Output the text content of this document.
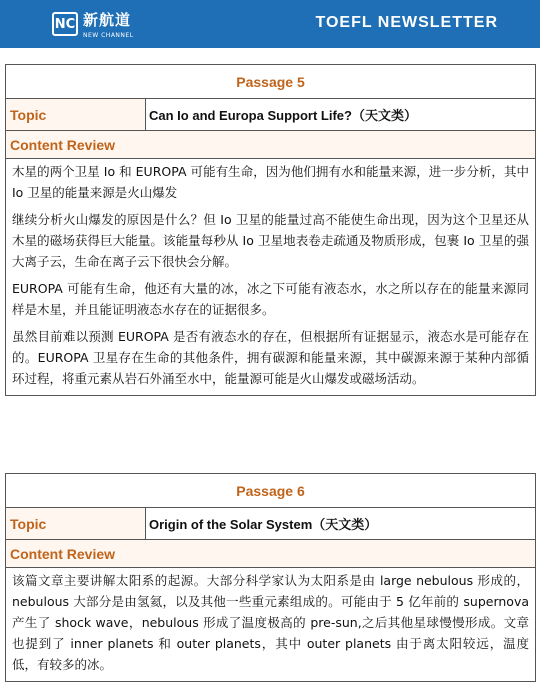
NC 新航道
NEW CHANNEL
TOEFL NEWSLETTER
Passage 5
Topic	Can Io and Europa Support Life?（天文类）
Content Review

木星的两个卫星 Io 和 EUROPA 可能有生命，因为他们拥有水和能量来源，进一步分析，其中 Io 卫星的能量来源是火山爆发

继续分析火山爆发的原因是什么？但 Io 卫星的能量过高不能使生命出现，因为这个卫星还从木星的磁场获得巨大能量。该能量每秒从 Io 卫星地表卷走疏通及物质形成，包裹 Io 卫星的强大离子云，生命在离子云下很快会分解。

EUROPA 可能有生命，他还有大量的冰，冰之下可能有液态水，水之所以存在的能量来源同样是木星，并且能证明液态水存在的证据很多。

虽然目前难以预测 EUROPA 是否有液态水的存在，但根据所有证据显示，液态水是可能存在的。EUROPA 卫星存在生命的其他条件，拥有碳源和能量来源，其中碳源来源于某种内部循环过程，将重元素从岩石外涌至水中，能量源可能是火山爆发或磁场活动。

Passage 6
Topic	Origin of the Solar System（天文类）
Content Review

该篇文章主要讲解太阳系的起源。大部分科学家认为太阳系是由 large nebulous 形成的，nebulous 大部分是由氢氦，以及其他一些重元素组成的。可能由于 5 亿年前的 supernova 产生了 shock wave，nebulous 形成了温度极高的 pre-sun,之后其他星球慢慢形成。文章也提到了 inner planets 和 outer planets，其中 outer planets 由于离太阳较远，温度低，有较多的冰。
